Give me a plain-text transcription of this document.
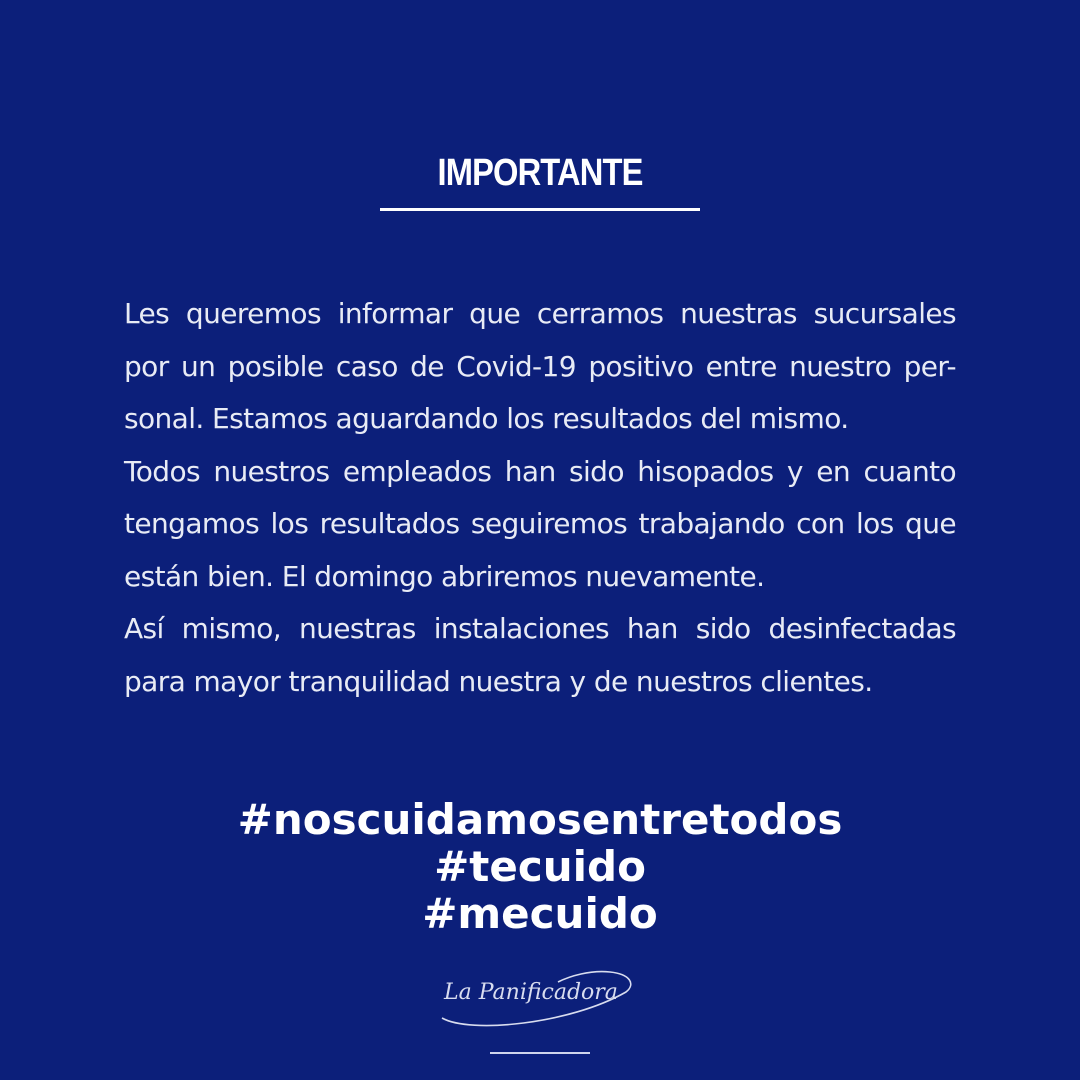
IMPORTANTE

Les queremos informar que cerramos nuestras sucursales por un posible caso de Covid-19 positivo entre nuestro per-sonal. Estamos aguardando los resultados del mismo.

Todos nuestros empleados han sido hisopados y en cuanto tengamos los resultados seguiremos trabajando con los que están bien. El domingo abriremos nuevamente.

Así mismo, nuestras instalaciones han sido desinfectadas para mayor tranquilidad nuestra y de nuestros clientes.

#noscuidamosentretodos
#tecuido
#mecuido
La Panificadora
